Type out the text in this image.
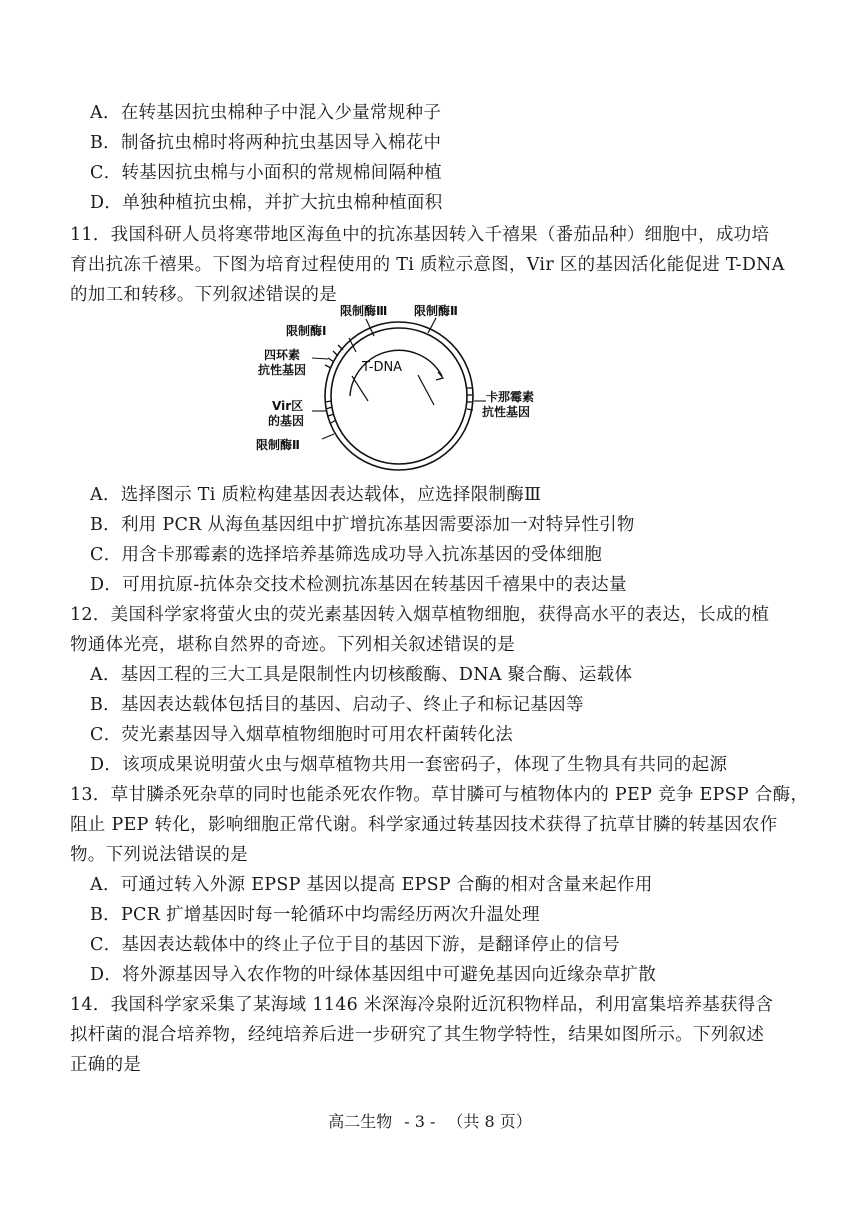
A．在转基因抗虫棉种子中混入少量常规种子
B．制备抗虫棉时将两种抗虫基因导入棉花中
C．转基因抗虫棉与小面积的常规棉间隔种植
D．单独种植抗虫棉，并扩大抗虫棉种植面积
11．我国科研人员将寒带地区海鱼中的抗冻基因转入千禧果（番茄品种）细胞中，成功培
育出抗冻千禧果。下图为培育过程使用的 Ti 质粒示意图，Vir 区的基因活化能促进 T-DNA
的加工和转移。下列叙述错误的是
限制酶Ⅲ 限制酶Ⅱ
限制酶Ⅰ
四环素
抗性基因	T-DNA
Vir区
的基因
卡那霉素
抗性基因
限制酶Ⅱ
A．选择图示 Ti 质粒构建基因表达载体，应选择限制酶Ⅲ
B．利用 PCR 从海鱼基因组中扩增抗冻基因需要添加一对特异性引物
C．用含卡那霉素的选择培养基筛选成功导入抗冻基因的受体细胞
D．可用抗原-抗体杂交技术检测抗冻基因在转基因千禧果中的表达量
12．美国科学家将萤火虫的荧光素基因转入烟草植物细胞，获得高水平的表达，长成的植
物通体光亮，堪称自然界的奇迹。下列相关叙述错误的是
A．基因工程的三大工具是限制性内切核酸酶、DNA 聚合酶、运载体
B．基因表达载体包括目的基因、启动子、终止子和标记基因等
C．荧光素基因导入烟草植物细胞时可用农杆菌转化法
D．该项成果说明萤火虫与烟草植物共用一套密码子，体现了生物具有共同的起源
13．草甘膦杀死杂草的同时也能杀死农作物。草甘膦可与植物体内的 PEP 竞争 EPSP 合酶，
阻止 PEP 转化，影响细胞正常代谢。科学家通过转基因技术获得了抗草甘膦的转基因农作
物。下列说法错误的是
A．可通过转入外源 EPSP 基因以提高 EPSP 合酶的相对含量来起作用
B．PCR 扩增基因时每一轮循环中均需经历两次升温处理
C．基因表达载体中的终止子位于目的基因下游，是翻译停止的信号
D．将外源基因导入农作物的叶绿体基因组中可避免基因向近缘杂草扩散
14．我国科学家采集了某海域 1146 米深海冷泉附近沉积物样品，利用富集培养基获得含
拟杆菌的混合培养物，经纯培养后进一步研究了其生物学特性，结果如图所示。下列叙述
正确的是
高二生物 - 3 - （共 8 页）
